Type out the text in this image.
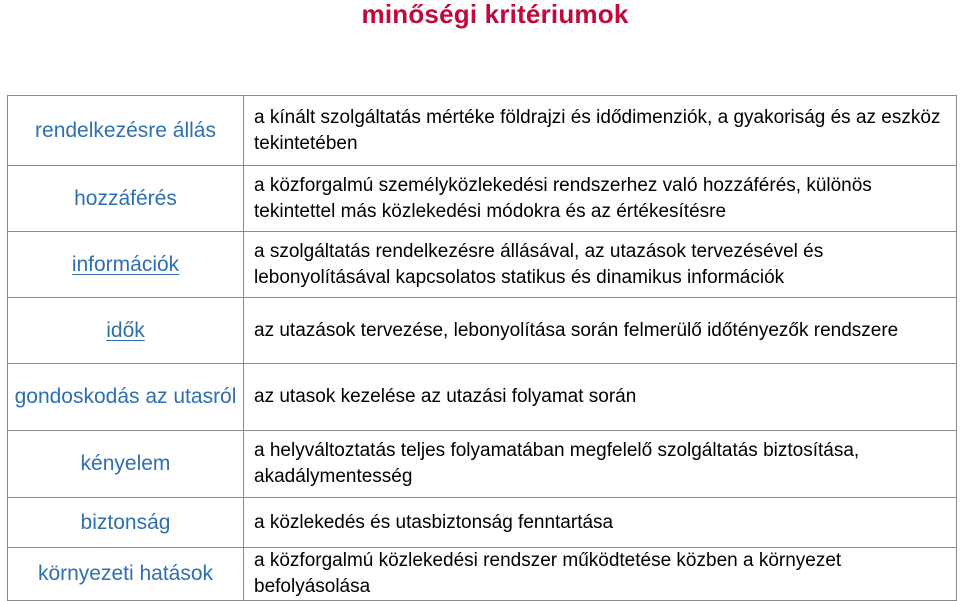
minőségi kritériumok
rendelkezésre állás	a kínált szolgáltatás mértéke földrajzi és idődimenziók, a gyakoriság és az eszköz tekintetében
hozzáférés	a közforgalmú személyközlekedési rendszerhez való hozzáférés, különös tekintettel más közlekedési módokra és az értékesítésre
információk	a szolgáltatás rendelkezésre állásával, az utazások tervezésével és lebonyolításával kapcsolatos statikus és dinamikus információk
idők	az utazások tervezése, lebonyolítása során felmerülő időtényezők rendszere
gondoskodás az utasról	az utasok kezelése az utazási folyamat során
kényelem	a helyváltoztatás teljes folyamatában megfelelő szolgáltatás biztosítása, akadálymentesség
biztonság	a közlekedés és utasbiztonság fenntartása
környezeti hatások	a közforgalmú közlekedési rendszer működtetése közben a környezet befolyásolása
